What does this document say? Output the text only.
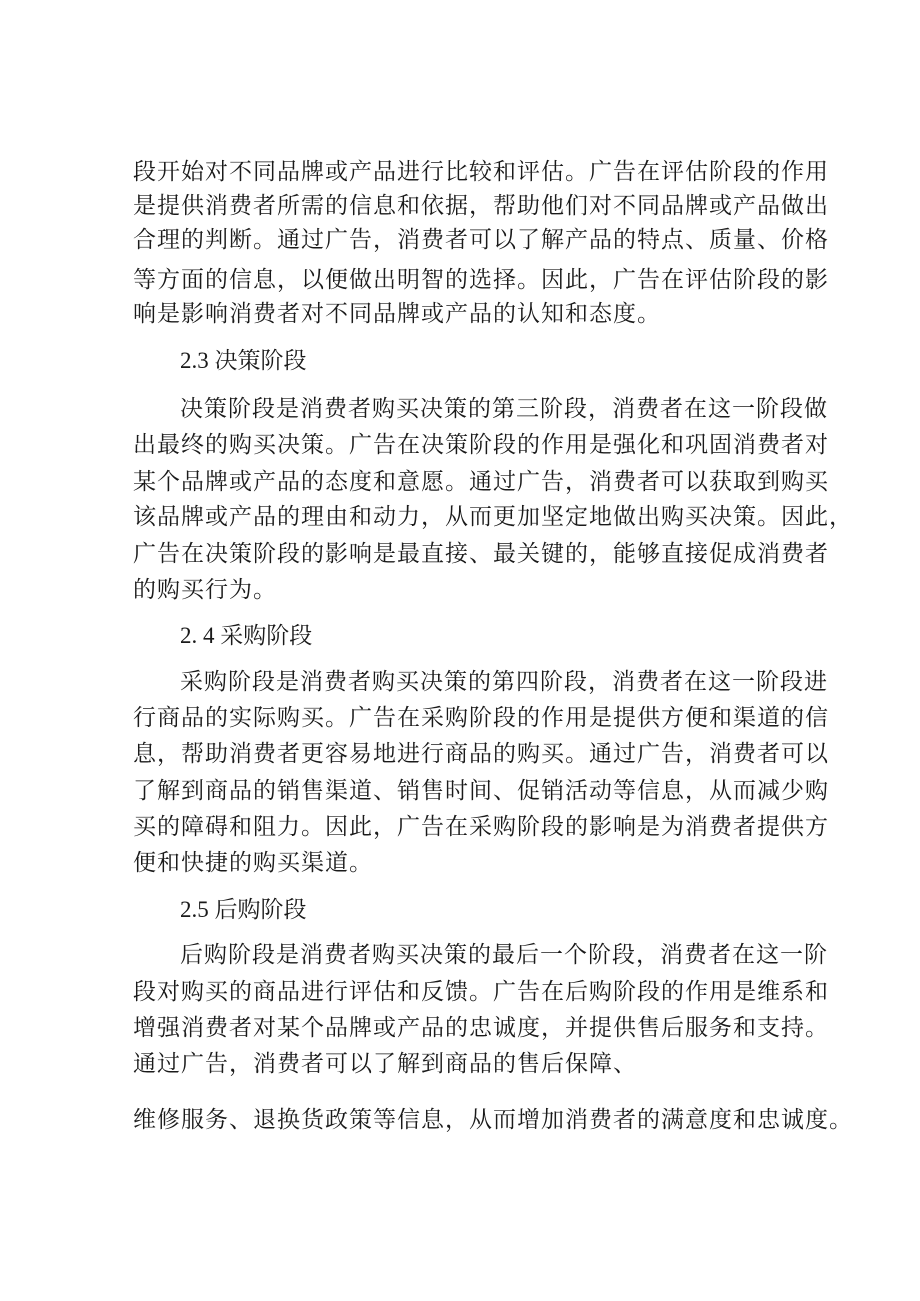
段开始对不同品牌或产品进行比较和评估。广告在评估阶段的作用
是提供消费者所需的信息和依据，帮助他们对不同品牌或产品做出
合理的判断。通过广告，消费者可以了解产品的特点、质量、价格
等方面的信息，以便做出明智的选择。因此，广告在评估阶段的影
响是影响消费者对不同品牌或产品的认知和态度。
2.3 决策阶段
决策阶段是消费者购买决策的第三阶段，消费者在这一阶段做
出最终的购买决策。广告在决策阶段的作用是强化和巩固消费者对
某个品牌或产品的态度和意愿。通过广告，消费者可以获取到购买
该品牌或产品的理由和动力，从而更加坚定地做出购买决策。因此，
广告在决策阶段的影响是最直接、最关键的，能够直接促成消费者
的购买行为。
2. 4 采购阶段
采购阶段是消费者购买决策的第四阶段，消费者在这一阶段进
行商品的实际购买。广告在采购阶段的作用是提供方便和渠道的信
息，帮助消费者更容易地进行商品的购买。通过广告，消费者可以
了解到商品的销售渠道、销售时间、促销活动等信息，从而减少购
买的障碍和阻力。因此，广告在采购阶段的影响是为消费者提供方
便和快捷的购买渠道。
2.5 后购阶段
后购阶段是消费者购买决策的最后一个阶段，消费者在这一阶
段对购买的商品进行评估和反馈。广告在后购阶段的作用是维系和
增强消费者对某个品牌或产品的忠诚度，并提供售后服务和支持。
通过广告，消费者可以了解到商品的售后保障、
维修服务、退换货政策等信息，从而增加消费者的满意度和忠诚度。
